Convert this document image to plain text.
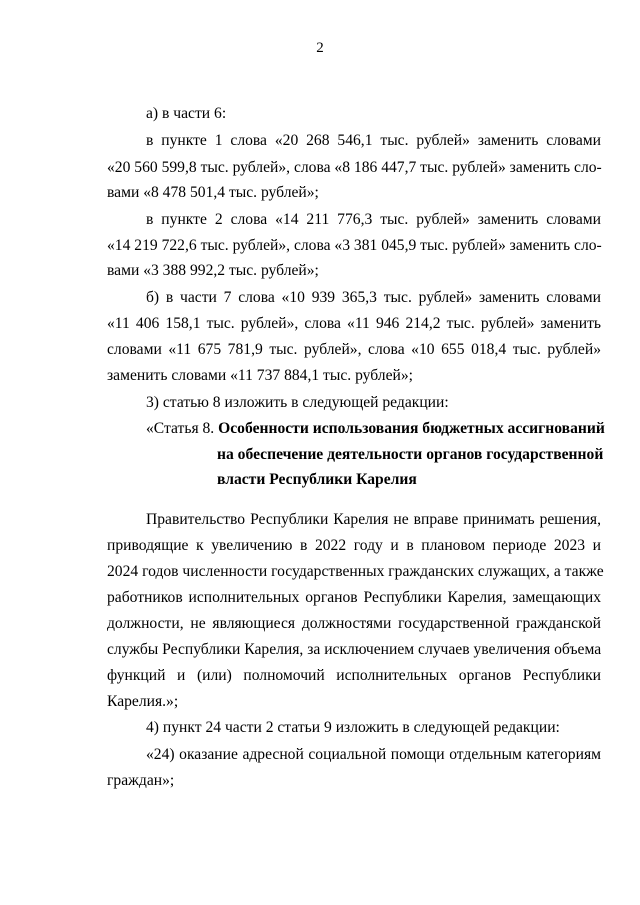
2
а) в части 6:
в пункте 1 слова «20 268 546,1 тыс. рублей» заменить словами
«20 560 599,8 тыс. рублей», слова «8 186 447,7 тыс. рублей» заменить сло-
вами «8 478 501,4 тыс. рублей»;
в пункте 2 слова «14 211 776,3 тыс. рублей» заменить словами
«14 219 722,6 тыс. рублей», слова «3 381 045,9 тыс. рублей» заменить сло-
вами «3 388 992,2 тыс. рублей»;
б) в части 7 слова «10 939 365,3 тыс. рублей» заменить словами
«11 406 158,1 тыс. рублей», слова «11 946 214,2 тыс. рублей» заменить
словами «11 675 781,9 тыс. рублей», слова «10 655 018,4 тыс. рублей»
заменить словами «11 737 884,1 тыс. рублей»;
3) статью 8 изложить в следующей редакции:
«Статья 8. Особенности использования бюджетных ассигнований
на обеспечение деятельности органов государственной
власти Республики Карелия
Правительство Республики Карелия не вправе принимать решения,
приводящие к увеличению в 2022 году и в плановом периоде 2023 и
2024 годов численности государственных гражданских служащих, а также
работников исполнительных органов Республики Карелия, замещающих
должности, не являющиеся должностями государственной гражданской
службы Республики Карелия, за исключением случаев увеличения объема
функций и (или) полномочий исполнительных органов Республики
Карелия.»;
4) пункт 24 части 2 статьи 9 изложить в следующей редакции:
«24) оказание адресной социальной помощи отдельным категориям
граждан»;
